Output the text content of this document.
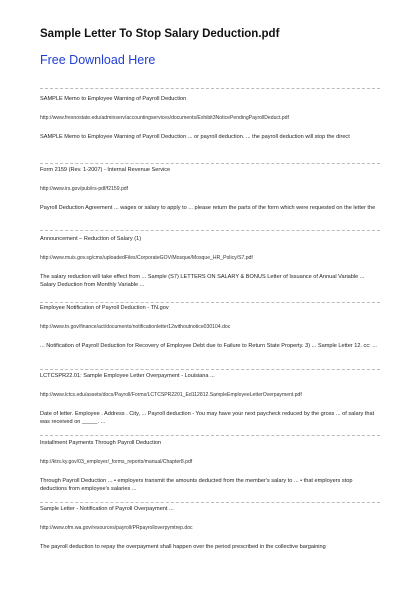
Sample Letter To Stop Salary Deduction.pdf
Free Download Here
SAMPLE Memo to Employee Warning of Payroll Deduction
http://www.fresnostate.edu/adminserv/accountingservices/documents/Exhibit3NoticePendingPayrollDeduct.pdf
SAMPLE Memo to Employee Warning of Payroll Deduction ... or payroll deduction. ... the payroll deduction will stop the direct
Form 2159 (Rev. 1-2007) - Internal Revenue Service
http://www.irs.gov/pub/irs-pdf/f2159.pdf
Payroll Deduction Agreement ... wages or salary to apply to ... please return the parts of the form which were requested on the letter the
Announcement – Reduction of Salary (1)
http://www.muis.gov.sg/cms/uploadedFiles/CorporateGOV/Mosque/Mosque_HR_Policy/S7.pdf
The salary reduction will take effect from ... Sample (S7) LETTERS ON SALARY & BONUS Letter of Issuance of Annual Variable ... Salary Deduction from Monthly Variable ...
Employee Notification of Payroll Deduction - TN.gov
http://www.tn.gov/finance/act/documents/notificationletter12withoutnotice030104.doc
... Notification of Payroll Deduction for Recovery of Employee Debt due to Failure to Return State Property. 3) ... Sample Letter 12. cc: ...
LCTCSPR22.01: Sample Employee Letter Overpayment - Louisiana ...
http://www.lctcs.edu/assets/docs/Payroll/Forms/LCTCSPR2201_Ed112812.SampleEmployeeLetterOverpayment.pdf
Date of letter. Employee . Address . City, ... Payroll deduction - You may have your next paycheck reduced by the gross ... of salary that was received on _____. ...
Installment Payments Through Payroll Deduction
http://ktrs.ky.gov/03_employer/_forms_reports/manual/Chapter8.pdf
Through Payroll Deduction ... • employers transmit the amounts deducted from the member's salary to ... • that employers stop deductions from employee's salaries ...
Sample Letter - Notification of Payroll Overpayment ...
http://www.ofm.wa.gov/resources/payroll/PRpayrolloverpymtrep.doc
The payroll deduction to repay the overpayment shall happen over the period prescribed in the collective bargaining
